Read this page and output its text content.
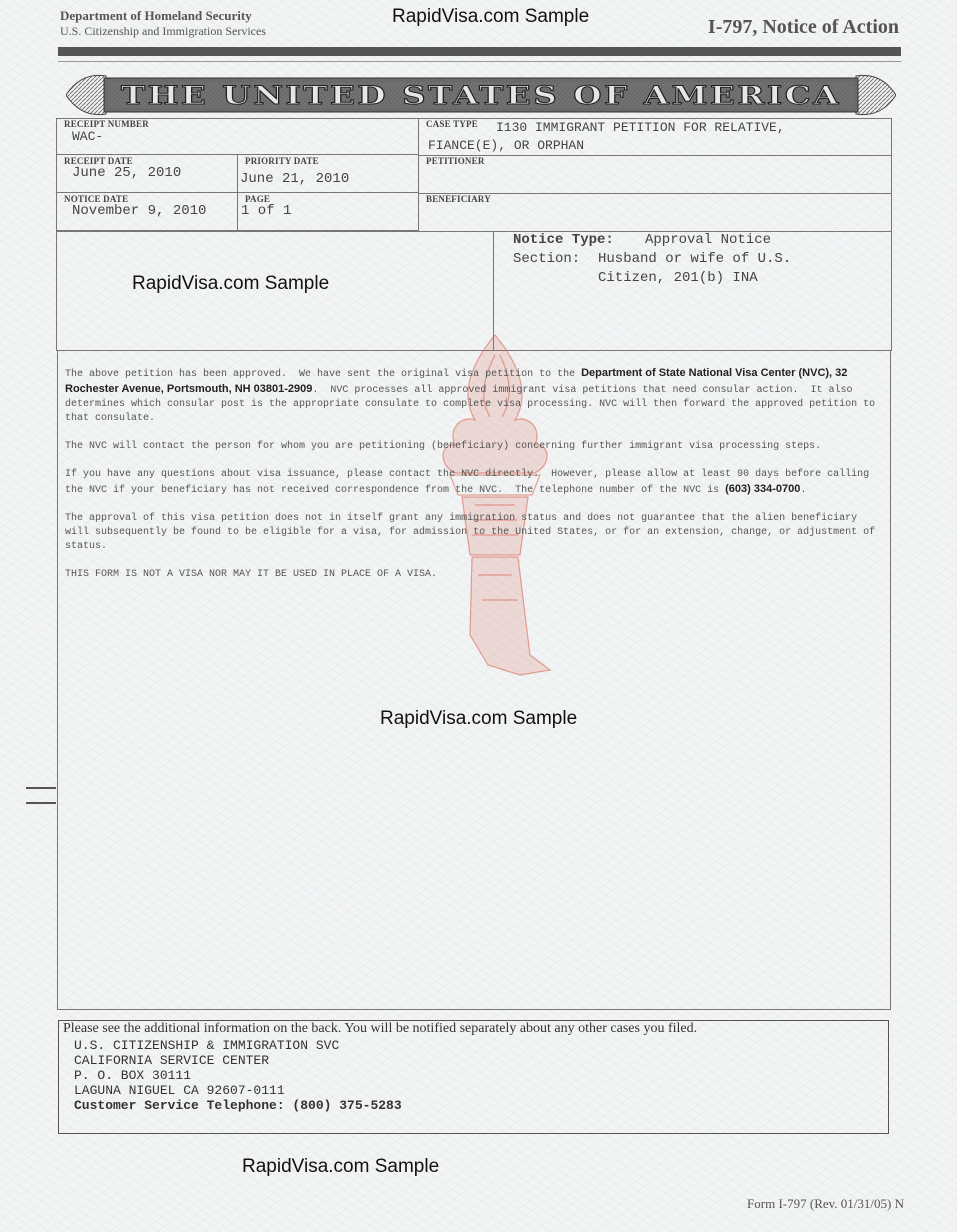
Department of Homeland Security
U.S. Citizenship and Immigration Services
RapidVisa.com Sample	I-797, Notice of Action
THE UNITED STATES OF AMERICA
RECEIPT NUMBER
WAC-
CASE TYPE I130 IMMIGRANT PETITION FOR RELATIVE,
FIANCE(E), OR ORPHAN
RECEIPT DATE
June 25, 2010
PRIORITY DATE
June 21, 2010
PETITIONER
NOTICE DATE
November 9, 2010
PAGE
1 of 1
BENEFICIARY
RapidVisa.com Sample
Notice Type: Approval Notice
Section: Husband or wife of U.S.
Citizen, 201(b) INA

The above petition has been approved.  We have sent the original visa petition to the Department of State National Visa Center (NVC), 32 Rochester Avenue, Portsmouth, NH 03801-2909.  NVC processes all approved immigrant visa petitions that need consular action.  It also determines which consular post is the appropriate consulate to complete visa processing. NVC will then forward the approved petition to that consulate.

The NVC will contact the person for whom you are petitioning (beneficiary) concerning further immigrant visa processing steps.

If you have any questions about visa issuance, please contact the NVC directly.  However, please allow at least 90 days before calling the NVC if your beneficiary has not received correspondence from the NVC.  The telephone number of the NVC is (603) 334-0700.

The approval of this visa petition does not in itself grant any immigration status and does not guarantee that the alien beneficiary will subsequently be found to be eligible for a visa, for admission to the United States, or for an extension, change, or adjustment of status.

THIS FORM IS NOT A VISA NOR MAY IT BE USED IN PLACE OF A VISA.

RapidVisa.com Sample
Please see the additional information on the back. You will be notified separately about any other cases you filed.
U.S. CITIZENSHIP & IMMIGRATION SVC
CALIFORNIA SERVICE CENTER
P. O. BOX 30111
LAGUNA NIGUEL CA 92607-0111
Customer Service Telephone: (800) 375-5283
RapidVisa.com Sample
Form I-797 (Rev. 01/31/05) N
